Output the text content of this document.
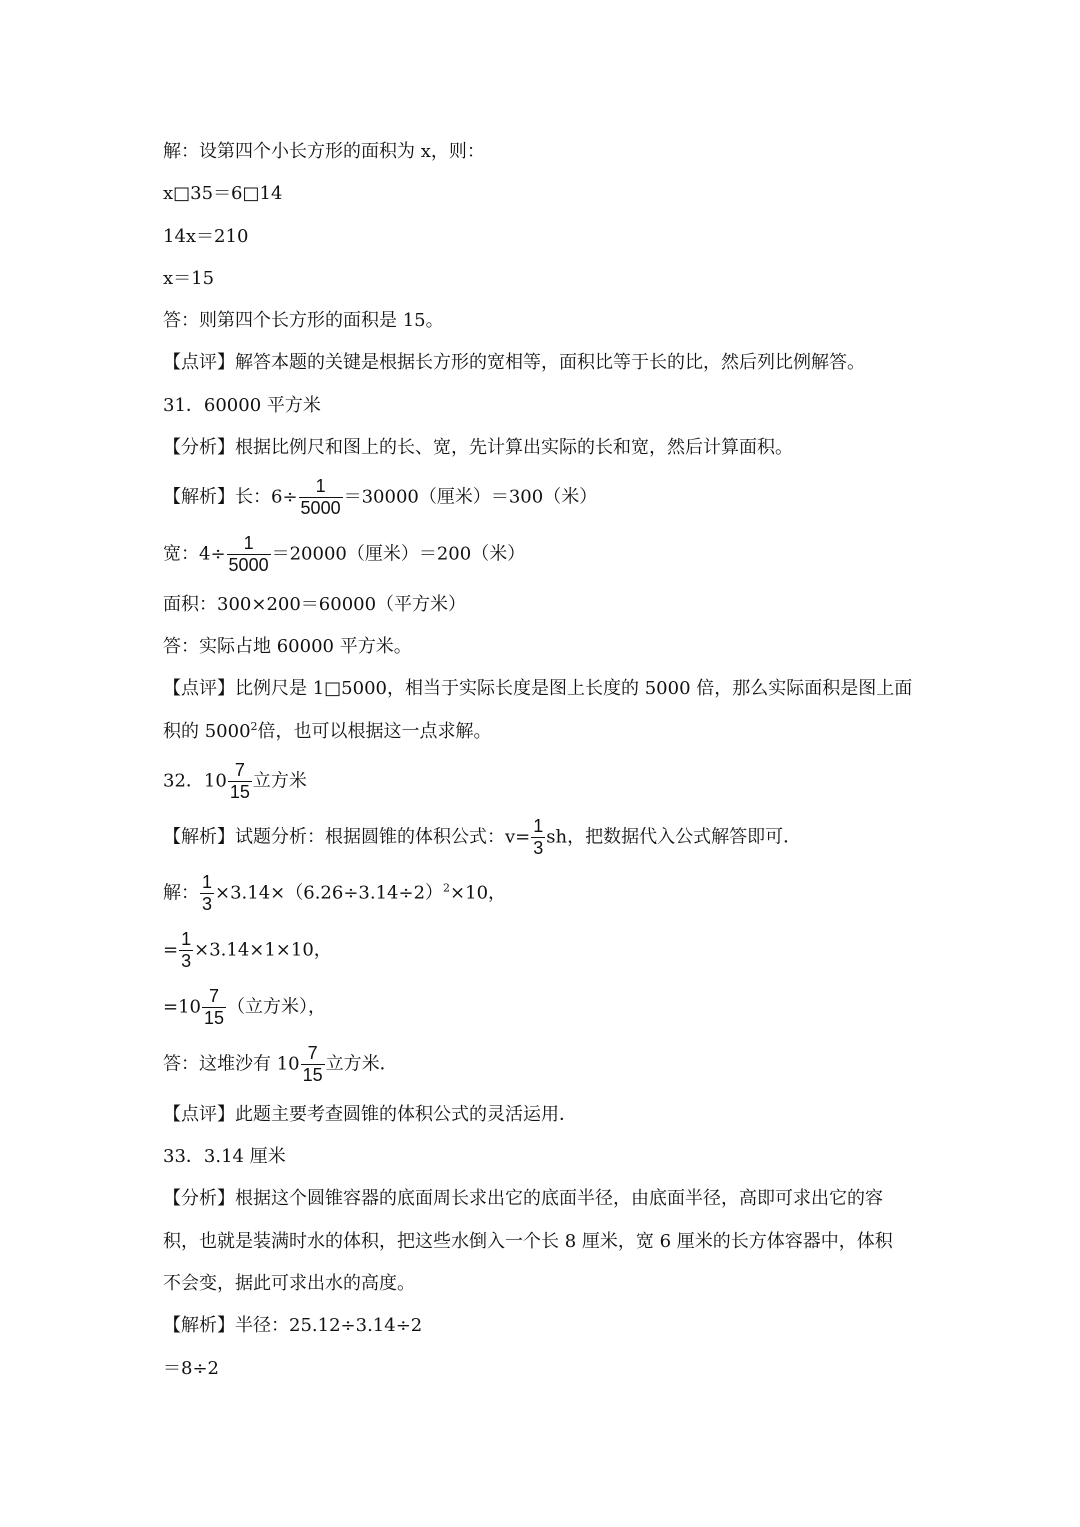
解：设第四个小长方形的面积为 x，则：
x□35＝6□14
14x＝210
x＝15
答：则第四个长方形的面积是 15。
【点评】解答本题的关键是根据长方形的宽相等，面积比等于长的比，然后列比例解答。
31．60000 平方米
【分析】根据比例尺和图上的长、宽，先计算出实际的长和宽，然后计算面积。
【解析】长：$6\div \frac{1}{5000} =30000$（厘米）＝300（米）
宽：$4\div \frac{1}{5000} =20000$（厘米）＝200（米）
面积：300×200＝60000（平方米）
答：实际占地 60000 平方米。
【点评】比例尺是 1□5000，相当于实际长度是图上长度的 5000 倍，那么实际面积是图上面
积的 5000$^2$倍，也可以根据这一点求解。
32．$10 \frac{7}{15}$ 立方米
【解析】试题分析：根据圆锥的体积公式：$v= \frac{1}{3}$ sh，把数据代入公式解答即可．
解： $\frac{1}{3} \times 3.14\times(6.26\div 3.14\div 2)^2\times 10$，
= $\frac{1}{3} \times 3.14\times 1\times 10$，
$=10 \frac{7}{15}$ （立方米），
答：这堆沙有 $10 \frac{7}{15}$ 立方米．
【点评】此题主要考查圆锥的体积公式的灵活运用．
33．3.14 厘米
【分析】根据这个圆锥容器的底面周长求出它的底面半径，由底面半径，高即可求出它的容
积，也就是装满时水的体积，把这些水倒入一个长 8 厘米，宽 6 厘米的长方体容器中，体积
不会变，据此可求出水的高度。
【解析】半径：25.12÷3.14÷2
＝8÷2
